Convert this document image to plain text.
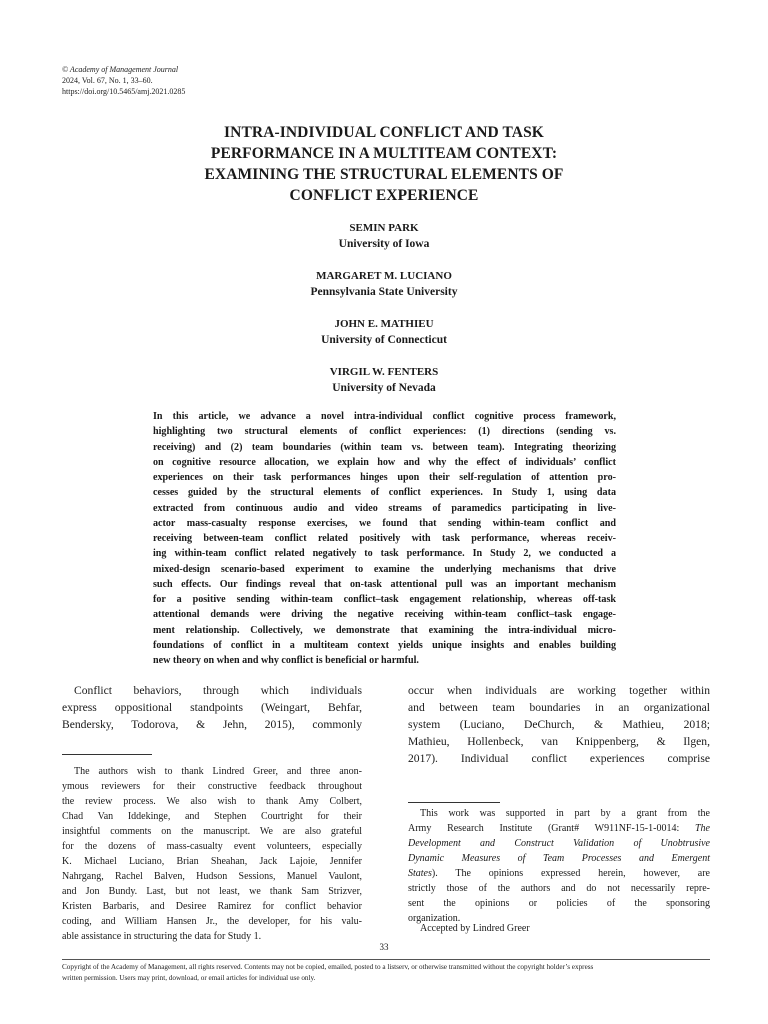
© Academy of Management Journal
2024, Vol. 67, No. 1, 33–60.
https://doi.org/10.5465/amj.2021.0285
INTRA-INDIVIDUAL CONFLICT AND TASK
PERFORMANCE IN A MULTITEAM CONTEXT:
EXAMINING THE STRUCTURAL ELEMENTS OF
CONFLICT EXPERIENCE
SEMIN PARK
University of Iowa
MARGARET M. LUCIANO
Pennsylvania State University
JOHN E. MATHIEU
University of Connecticut
VIRGIL W. FENTERS
University of Nevada
In this article, we advance a novel intra-individual conflict cognitive process framework,
highlighting two structural elements of conflict experiences: (1) directions (sending vs.
receiving) and (2) team boundaries (within team vs. between team). Integrating theorizing
on cognitive resource allocation, we explain how and why the effect of individuals’ conflict
experiences on their task performances hinges upon their self-regulation of attention pro-
cesses guided by the structural elements of conflict experiences. In Study 1, using data
extracted from continuous audio and video streams of paramedics participating in live-
actor mass-casualty response exercises, we found that sending within-team conflict and
receiving between-team conflict related positively with task performance, whereas receiv-
ing within-team conflict related negatively to task performance. In Study 2, we conducted a
mixed-design scenario-based experiment to examine the underlying mechanisms that drive
such effects. Our findings reveal that on-task attentional pull was an important mechanism
for a positive sending within-team conflict–task engagement relationship, whereas off-task
attentional demands were driving the negative receiving within-team conflict–task engage-
ment relationship. Collectively, we demonstrate that examining the intra-individual micro-
foundations of conflict in a multiteam context yields unique insights and enables building
new theory on when and why conflict is beneficial or harmful.
Conflict behaviors, through which individuals
express oppositional standpoints (Weingart, Behfar,
Bendersky, Todorova, & Jehn, 2015), commonly
occur when individuals are working together within
and between team boundaries in an organizational
system (Luciano, DeChurch, & Mathieu, 2018;
Mathieu, Hollenbeck, van Knippenberg, & Ilgen,
2017). Individual conflict experiences comprise
The authors wish to thank Lindred Greer, and three anon-
ymous reviewers for their constructive feedback throughout
the review process. We also wish to thank Amy Colbert,
Chad Van Iddekinge, and Stephen Courtright for their
insightful comments on the manuscript. We are also grateful
for the dozens of mass-casualty event volunteers, especially
K. Michael Luciano, Brian Sheahan, Jack Lajoie, Jennifer
Nahrgang, Rachel Balven, Hudson Sessions, Manuel Vaulont,
and Jon Bundy. Last, but not least, we thank Sam Strizver,
Kristen Barbaris, and Desiree Ramirez for conflict behavior
coding, and William Hansen Jr., the developer, for his valu-
able assistance in structuring the data for Study 1.
This work was supported in part by a grant from the
Army Research Institute (Grant# W911NF-15-1-0014: The
Development and Construct Validation of Unobtrusive
Dynamic Measures of Team Processes and Emergent
States). The opinions expressed herein, however, are
strictly those of the authors and do not necessarily repre-
sent the opinions or policies of the sponsoring
organization.
Accepted by Lindred Greer
33
Copyright of the Academy of Management, all rights reserved. Contents may not be copied, emailed, posted to a listserv, or otherwise transmitted without the copyright holder’s express
written permission. Users may print, download, or email articles for individual use only.
